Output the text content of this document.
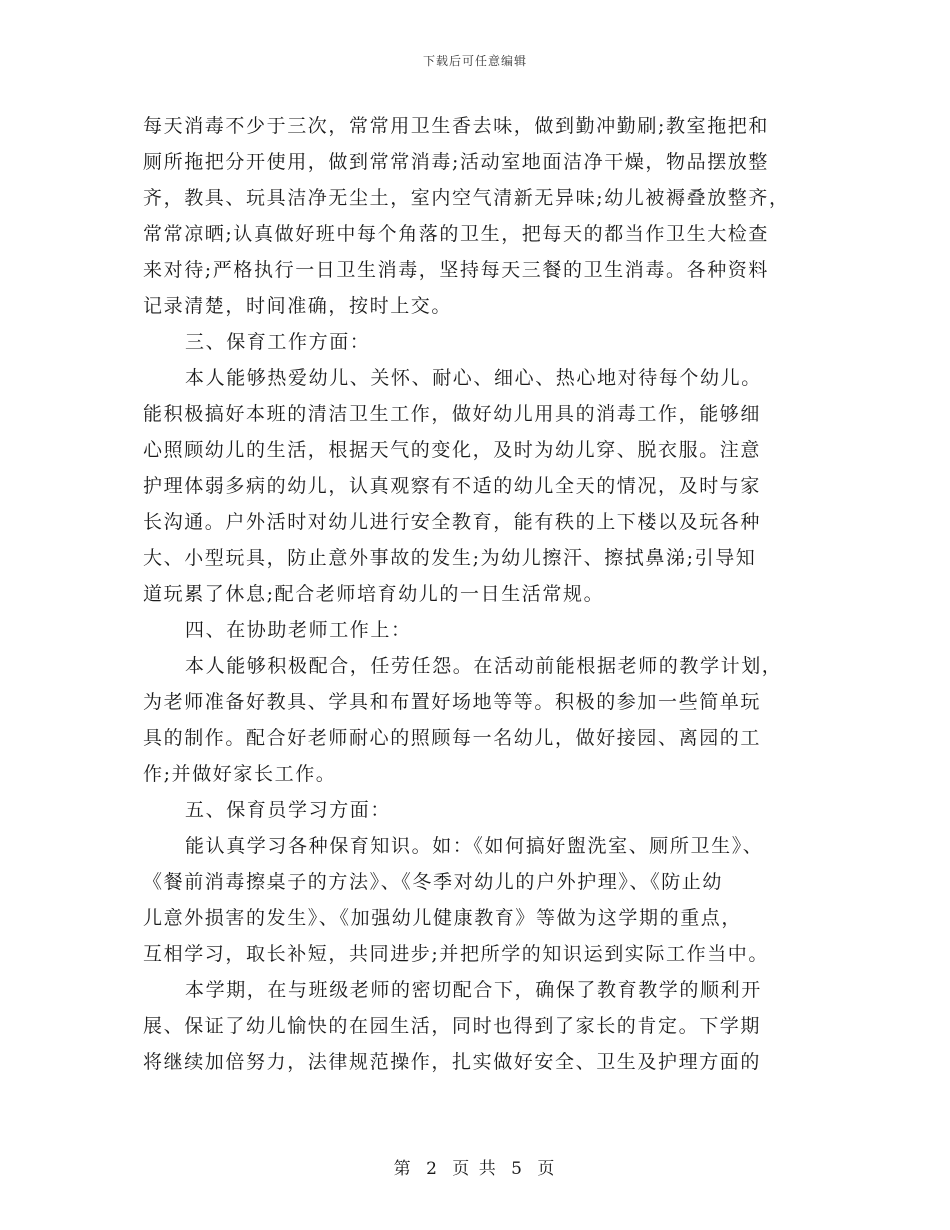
下载后可任意编辑
每天消毒不少于三次，常常用卫生香去味，做到勤冲勤刷;教室拖把和
厕所拖把分开使用，做到常常消毒;活动室地面洁净干燥，物品摆放整
齐，教具、玩具洁净无尘土，室内空气清新无异味;幼儿被褥叠放整齐，
常常凉晒;认真做好班中每个角落的卫生，把每天的都当作卫生大检查
来对待;严格执行一日卫生消毒，坚持每天三餐的卫生消毒。各种资料
记录清楚，时间准确，按时上交。
三、保育工作方面：
本人能够热爱幼儿、关怀、耐心、细心、热心地对待每个幼儿。
能积极搞好本班的清洁卫生工作，做好幼儿用具的消毒工作，能够细
心照顾幼儿的生活，根据天气的变化，及时为幼儿穿、脱衣服。注意
护理体弱多病的幼儿，认真观察有不适的幼儿全天的情况，及时与家
长沟通。户外活时对幼儿进行安全教育，能有秩的上下楼以及玩各种
大、小型玩具，防止意外事故的发生;为幼儿擦汗、擦拭鼻涕;引导知
道玩累了休息;配合老师培育幼儿的一日生活常规。
四、在协助老师工作上：
本人能够积极配合，任劳任怨。在活动前能根据老师的教学计划，
为老师准备好教具、学具和布置好场地等等。积极的参加一些简单玩
具的制作。配合好老师耐心的照顾每一名幼儿，做好接园、离园的工
作;并做好家长工作。
五、保育员学习方面：
能认真学习各种保育知识。如：《如何搞好盥洗室、厕所卫生》、
《餐前消毒擦桌子的方法》、《冬季对幼儿的户外护理》、《防止幼
儿意外损害的发生》、《加强幼儿健康教育》等做为这学期的重点，
互相学习，取长补短，共同进步;并把所学的知识运到实际工作当中。
本学期，在与班级老师的密切配合下，确保了教育教学的顺利开
展、保证了幼儿愉快的在园生活，同时也得到了家长的肯定。下学期
将继续加倍努力，法律规范操作，扎实做好安全、卫生及护理方面的
第 2 页 共 5 页
